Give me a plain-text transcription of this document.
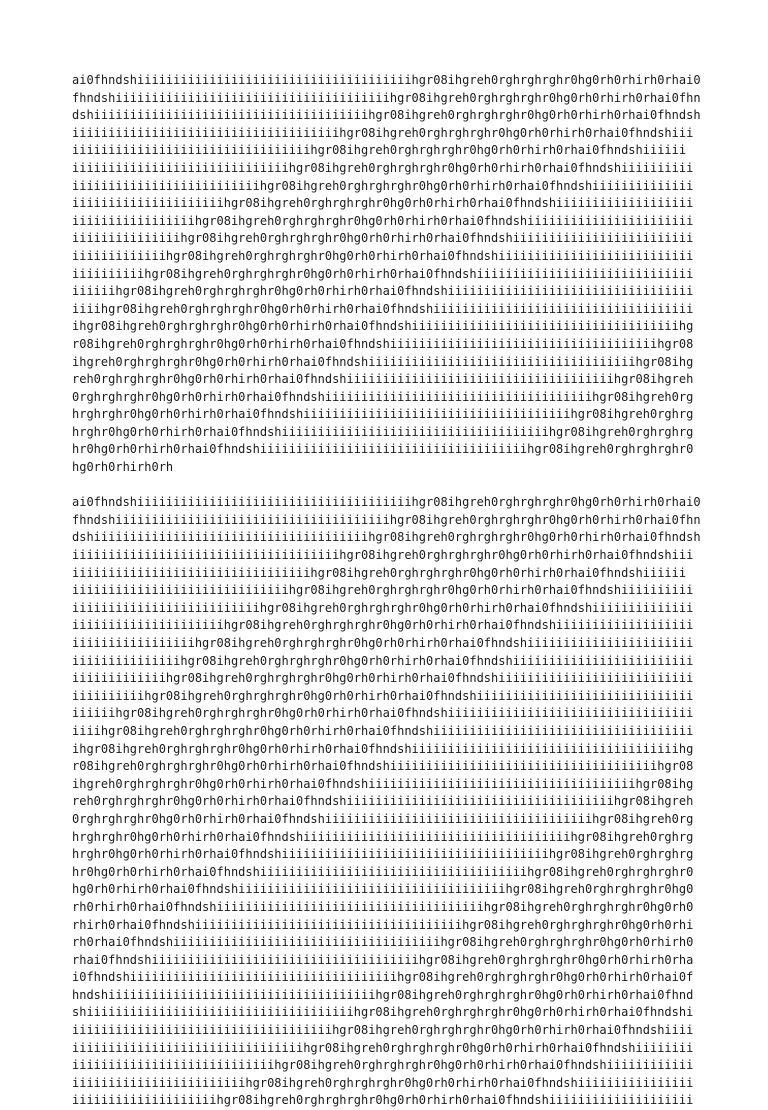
ai0fhndshiiiiiiiiiiiiiiiiiiiiiiiiiiiiiiiiiiiiiihgr08ihgreh0rghrghrghr0hg0rh0rhirh0rhai0
fhndshiiiiiiiiiiiiiiiiiiiiiiiiiiiiiiiiiiiiiihgr08ihgreh0rghrghrghr0hg0rh0rhirh0rhai0fhn
dshiiiiiiiiiiiiiiiiiiiiiiiiiiiiiiiiiiiiiihgr08ihgreh0rghrghrghr0hg0rh0rhirh0rhai0fhndsh
iiiiiiiiiiiiiiiiiiiiiiiiiiiiiiiiiiiiihgr08ihgreh0rghrghrghr0hg0rh0rhirh0rhai0fhndshiii
iiiiiiiiiiiiiiiiiiiiiiiiiiiiiiiiihgr08ihgreh0rghrghrghr0hg0rh0rhirh0rhai0fhndshiiiiii
iiiiiiiiiiiiiiiiiiiiiiiiiiiiiihgr08ihgreh0rghrghrghr0hg0rh0rhirh0rhai0fhndshiiiiiiiiii
iiiiiiiiiiiiiiiiiiiiiiiiiihgr08ihgreh0rghrghrghr0hg0rh0rhirh0rhai0fhndshiiiiiiiiiiiiii
iiiiiiiiiiiiiiiiiiiiihgr08ihgreh0rghrghrghr0hg0rh0rhirh0rhai0fhndshiiiiiiiiiiiiiiiiiii
iiiiiiiiiiiiiiiiihgr08ihgreh0rghrghrghr0hg0rh0rhirh0rhai0fhndshiiiiiiiiiiiiiiiiiiiiiii
iiiiiiiiiiiiiiihgr08ihgreh0rghrghrghr0hg0rh0rhirh0rhai0fhndshiiiiiiiiiiiiiiiiiiiiiiiii
iiiiiiiiiiiiihgr08ihgreh0rghrghrghr0hg0rh0rhirh0rhai0fhndshiiiiiiiiiiiiiiiiiiiiiiiiiii
iiiiiiiiiihgr08ihgreh0rghrghrghr0hg0rh0rhirh0rhai0fhndshiiiiiiiiiiiiiiiiiiiiiiiiiiiiii
iiiiiihgr08ihgreh0rghrghrghr0hg0rh0rhirh0rhai0fhndshiiiiiiiiiiiiiiiiiiiiiiiiiiiiiiiiii
iiiihgr08ihgreh0rghrghrghr0hg0rh0rhirh0rhai0fhndshiiiiiiiiiiiiiiiiiiiiiiiiiiiiiiiiiiii
ihgr08ihgreh0rghrghrghr0hg0rh0rhirh0rhai0fhndshiiiiiiiiiiiiiiiiiiiiiiiiiiiiiiiiiiiiihg
r08ihgreh0rghrghrghr0hg0rh0rhirh0rhai0fhndshiiiiiiiiiiiiiiiiiiiiiiiiiiiiiiiiiiiiihgr08
ihgreh0rghrghrghr0hg0rh0rhirh0rhai0fhndshiiiiiiiiiiiiiiiiiiiiiiiiiiiiiiiiiiiiihgr08ihg
reh0rghrghrghr0hg0rh0rhirh0rhai0fhndshiiiiiiiiiiiiiiiiiiiiiiiiiiiiiiiiiiiiihgr08ihgreh
0rghrghrghr0hg0rh0rhirh0rhai0fhndshiiiiiiiiiiiiiiiiiiiiiiiiiiiiiiiiiiiiihgr08ihgreh0rg
hrghrghr0hg0rh0rhirh0rhai0fhndshiiiiiiiiiiiiiiiiiiiiiiiiiiiiiiiiiiiiihgr08ihgreh0rghrg
hrghr0hg0rh0rhirh0rhai0fhndshiiiiiiiiiiiiiiiiiiiiiiiiiiiiiiiiiiiiihgr08ihgreh0rghrghrg
hr0hg0rh0rhirh0rhai0fhndshiiiiiiiiiiiiiiiiiiiiiiiiiiiiiiiiiiiiihgr08ihgreh0rghrghrghr0
hg0rh0rhirh0rh

ai0fhndshiiiiiiiiiiiiiiiiiiiiiiiiiiiiiiiiiiiiiihgr08ihgreh0rghrghrghr0hg0rh0rhirh0rhai0
fhndshiiiiiiiiiiiiiiiiiiiiiiiiiiiiiiiiiiiiiihgr08ihgreh0rghrghrghr0hg0rh0rhirh0rhai0fhn
dshiiiiiiiiiiiiiiiiiiiiiiiiiiiiiiiiiiiiiihgr08ihgreh0rghrghrghr0hg0rh0rhirh0rhai0fhndsh
iiiiiiiiiiiiiiiiiiiiiiiiiiiiiiiiiiiiihgr08ihgreh0rghrghrghr0hg0rh0rhirh0rhai0fhndshiii
iiiiiiiiiiiiiiiiiiiiiiiiiiiiiiiiihgr08ihgreh0rghrghrghr0hg0rh0rhirh0rhai0fhndshiiiiii
iiiiiiiiiiiiiiiiiiiiiiiiiiiiiihgr08ihgreh0rghrghrghr0hg0rh0rhirh0rhai0fhndshiiiiiiiiii
iiiiiiiiiiiiiiiiiiiiiiiiiihgr08ihgreh0rghrghrghr0hg0rh0rhirh0rhai0fhndshiiiiiiiiiiiiii
iiiiiiiiiiiiiiiiiiiiihgr08ihgreh0rghrghrghr0hg0rh0rhirh0rhai0fhndshiiiiiiiiiiiiiiiiiii
iiiiiiiiiiiiiiiiihgr08ihgreh0rghrghrghr0hg0rh0rhirh0rhai0fhndshiiiiiiiiiiiiiiiiiiiiiii
iiiiiiiiiiiiiiihgr08ihgreh0rghrghrghr0hg0rh0rhirh0rhai0fhndshiiiiiiiiiiiiiiiiiiiiiiiii
iiiiiiiiiiiiihgr08ihgreh0rghrghrghr0hg0rh0rhirh0rhai0fhndshiiiiiiiiiiiiiiiiiiiiiiiiiii
iiiiiiiiiihgr08ihgreh0rghrghrghr0hg0rh0rhirh0rhai0fhndshiiiiiiiiiiiiiiiiiiiiiiiiiiiiii
iiiiiihgr08ihgreh0rghrghrghr0hg0rh0rhirh0rhai0fhndshiiiiiiiiiiiiiiiiiiiiiiiiiiiiiiiiii
iiiihgr08ihgreh0rghrghrghr0hg0rh0rhirh0rhai0fhndshiiiiiiiiiiiiiiiiiiiiiiiiiiiiiiiiiiii
ihgr08ihgreh0rghrghrghr0hg0rh0rhirh0rhai0fhndshiiiiiiiiiiiiiiiiiiiiiiiiiiiiiiiiiiiiihg
r08ihgreh0rghrghrghr0hg0rh0rhirh0rhai0fhndshiiiiiiiiiiiiiiiiiiiiiiiiiiiiiiiiiiiiihgr08
ihgreh0rghrghrghr0hg0rh0rhirh0rhai0fhndshiiiiiiiiiiiiiiiiiiiiiiiiiiiiiiiiiiiiihgr08ihg
reh0rghrghrghr0hg0rh0rhirh0rhai0fhndshiiiiiiiiiiiiiiiiiiiiiiiiiiiiiiiiiiiiihgr08ihgreh
0rghrghrghr0hg0rh0rhirh0rhai0fhndshiiiiiiiiiiiiiiiiiiiiiiiiiiiiiiiiiiiiihgr08ihgreh0rg
hrghrghr0hg0rh0rhirh0rhai0fhndshiiiiiiiiiiiiiiiiiiiiiiiiiiiiiiiiiiiiihgr08ihgreh0rghrg
hrghr0hg0rh0rhirh0rhai0fhndshiiiiiiiiiiiiiiiiiiiiiiiiiiiiiiiiiiiiihgr08ihgreh0rghrghrg
hr0hg0rh0rhirh0rhai0fhndshiiiiiiiiiiiiiiiiiiiiiiiiiiiiiiiiiiiiihgr08ihgreh0rghrghrghr0
hg0rh0rhirh0rhai0fhndshiiiiiiiiiiiiiiiiiiiiiiiiiiiiiiiiiiiiihgr08ihgreh0rghrghrghr0hg0
rh0rhirh0rhai0fhndshiiiiiiiiiiiiiiiiiiiiiiiiiiiiiiiiiiiiihgr08ihgreh0rghrghrghr0hg0rh0
rhirh0rhai0fhndshiiiiiiiiiiiiiiiiiiiiiiiiiiiiiiiiiiiiihgr08ihgreh0rghrghrghr0hg0rh0rhi
rh0rhai0fhndshiiiiiiiiiiiiiiiiiiiiiiiiiiiiiiiiiiiiihgr08ihgreh0rghrghrghr0hg0rh0rhirh0
rhai0fhndshiiiiiiiiiiiiiiiiiiiiiiiiiiiiiiiiiiiiihgr08ihgreh0rghrghrghr0hg0rh0rhirh0rha
i0fhndshiiiiiiiiiiiiiiiiiiiiiiiiiiiiiiiiiiiiihgr08ihgreh0rghrghrghr0hg0rh0rhirh0rhai0f
hndshiiiiiiiiiiiiiiiiiiiiiiiiiiiiiiiiiiiiihgr08ihgreh0rghrghrghr0hg0rh0rhirh0rhai0fhnd
shiiiiiiiiiiiiiiiiiiiiiiiiiiiiiiiiiiiiihgr08ihgreh0rghrghrghr0hg0rh0rhirh0rhai0fhndshi
iiiiiiiiiiiiiiiiiiiiiiiiiiiiiiiiiiiihgr08ihgreh0rghrghrghr0hg0rh0rhirh0rhai0fhndshiiii
iiiiiiiiiiiiiiiiiiiiiiiiiiiiiiiihgr08ihgreh0rghrghrghr0hg0rh0rhirh0rhai0fhndshiiiiiiii
iiiiiiiiiiiiiiiiiiiiiiiiiiiihgr08ihgreh0rghrghrghr0hg0rh0rhirh0rhai0fhndshiiiiiiiiiiii
iiiiiiiiiiiiiiiiiiiiiiiihgr08ihgreh0rghrghrghr0hg0rh0rhirh0rhai0fhndshiiiiiiiiiiiiiiii
iiiiiiiiiiiiiiiiiiiihgr08ihgreh0rghrghrghr0hg0rh0rhirh0rhai0fhndshiiiiiiiiiiiiiiiiiiii
